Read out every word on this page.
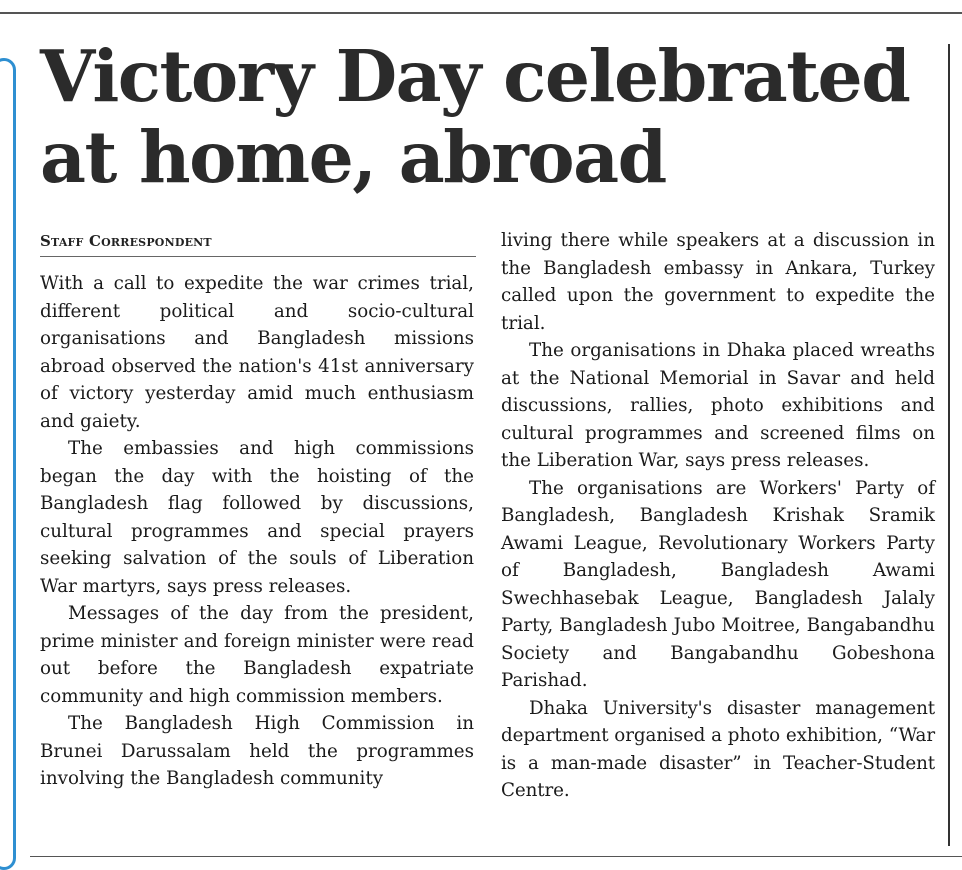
Victory Day celebrated
at home, abroad
Staff Correspondent

With a call to expedite the war crimes trial, different political and socio-cultural organisations and Bangladesh missions abroad observed the nation's 41st anniversary of victory yesterday amid much enthusiasm and gaiety.

The embassies and high commissions began the day with the hoisting of the Bangladesh flag followed by discussions, cultural programmes and special prayers seeking salvation of the souls of Liberation War martyrs, says press releases.

Messages of the day from the president, prime minister and foreign minister were read out before the Bangladesh expatriate community and high commission members.

The Bangladesh High Commission in Brunei Darussalam held the programmes involving the Bangladesh community

living there while speakers at a discussion in the Bangladesh embassy in Ankara, Turkey called upon the government to expedite the trial.

The organisations in Dhaka placed wreaths at the National Memorial in Savar and held discussions, rallies, photo exhibitions and cultural programmes and screened films on the Liberation War, says press releases.

The organisations are Workers' Party of Bangladesh, Bangladesh Krishak Sramik Awami League, Revolutionary Workers Party of Bangladesh, Bangladesh Awami Swechhasebak League, Bangladesh Jalaly Party, Bangladesh Jubo Moitree, Bangabandhu Society and Bangabandhu Gobeshona Parishad.

Dhaka University's disaster management department organised a photo exhibition, “War is a man-made disaster” in Teacher-Student Centre.
